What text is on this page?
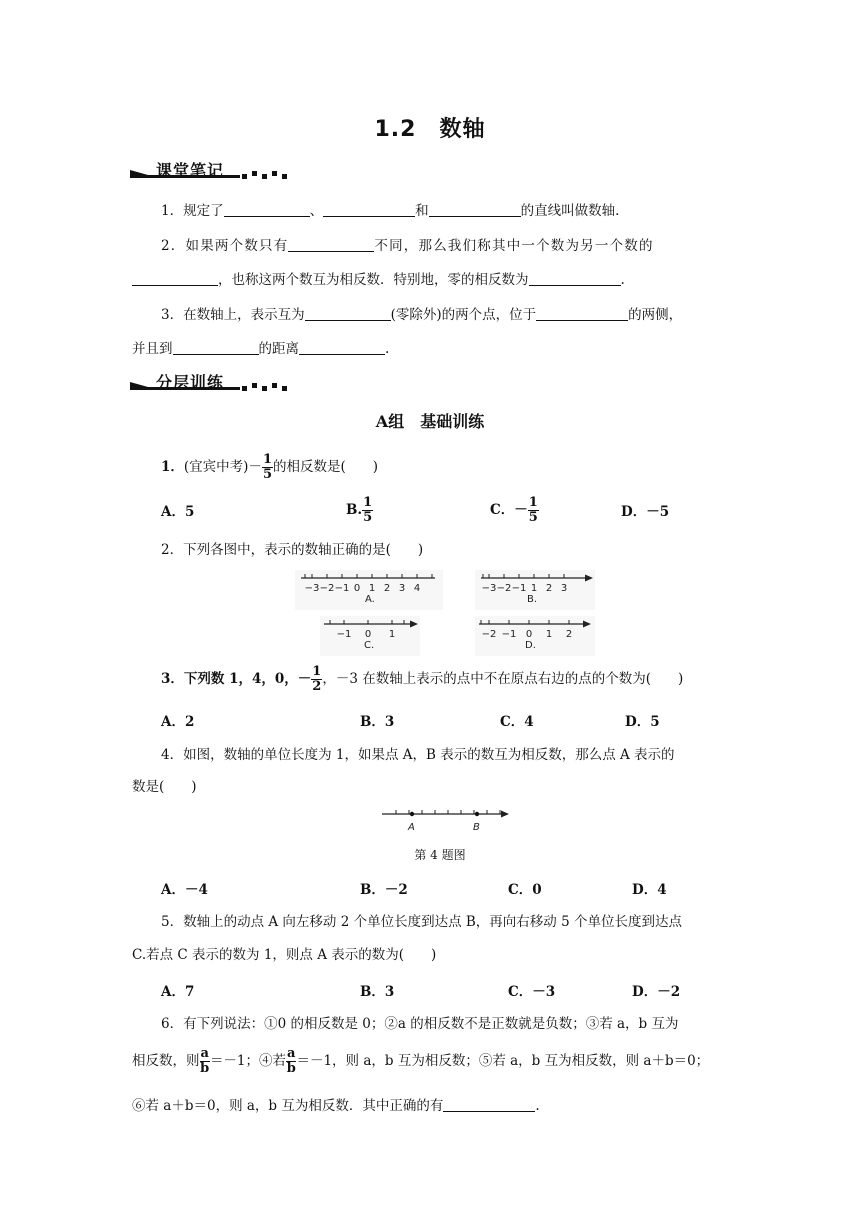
1.2　数轴
课堂笔记
1．规定了	、	和	的直线叫做数轴.
2．如果两个数只有	不同，那么我们称其中一个数为另一个数的
，也称这两个数互为相反数．特别地，零的相反数为	.
3．在数轴上，表示互为	(零除外)的两个点，位于	的两侧，
并且到	的距离	.
分层训练
A组　基础训练
1．(宜宾中考)－ $\frac{1}{5}$ 的相反数是(　　)
A．5	B. $\frac{1}{5}$	C．－ $\frac{1}{5}$	D．－5
2．下列各图中，表示的数轴正确的是(　　)
−3 −2 −1 0 1 2 3 4
A.
−3 −2 −1 1 2 3
B.
−1 0 1
C.
−2 −1 0 1 2
D.
3．下列数 1，4，0，－ $\frac{1}{2}$ ，－3 在数轴上表示的点中不在原点右边的点的个数为(　　)
A．2	B．3	C．4	D．5
4．如图，数轴的单位长度为 1，如果点 A，B 表示的数互为相反数，那么点 A 表示的
数是(　　)
A	B
第 4 题图
A．－4	B．－2	C．0	D．4
5．数轴上的动点 A 向左移动 2 个单位长度到达点 B，再向右移动 5 个单位长度到达点
C.若点 C 表示的数为 1，则点 A 表示的数为(　　)
A．7	B．3	C．－3	D．－2
6．有下列说法：①0 的相反数是 0；②a 的相反数不是正数就是负数；③若 a，b 互为
相反数，则 $\frac{a}{b} =-1$；④若 $\frac{a}{b} =-1$，则 a，b 互为相反数；⑤若 a，b 互为相反数，则 a＋b＝0；
⑥若 a＋b＝0，则 a，b 互为相反数．其中正确的有	.
